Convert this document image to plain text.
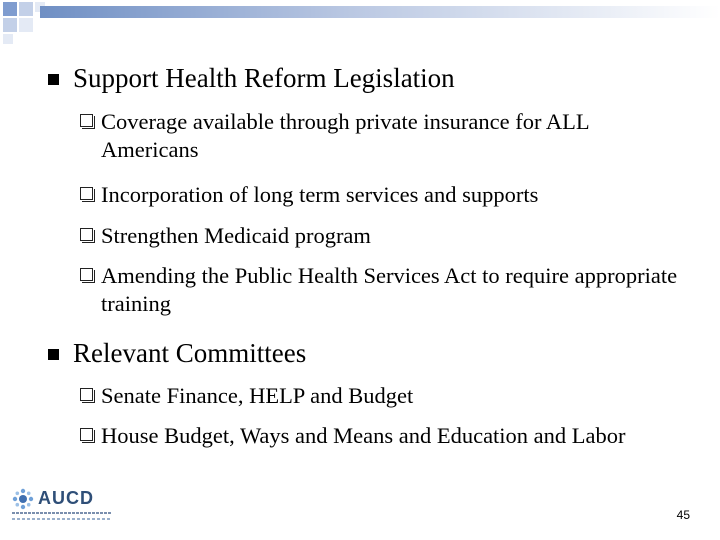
Support Health Reform Legislation
Coverage available through private insurance for ALL Americans
Incorporation of long term services and supports
Strengthen Medicaid program
Amending the Public Health Services Act to require appropriate training
Relevant Committees
Senate Finance, HELP and Budget
House Budget, Ways and Means and Education and Labor
AUCD
45
